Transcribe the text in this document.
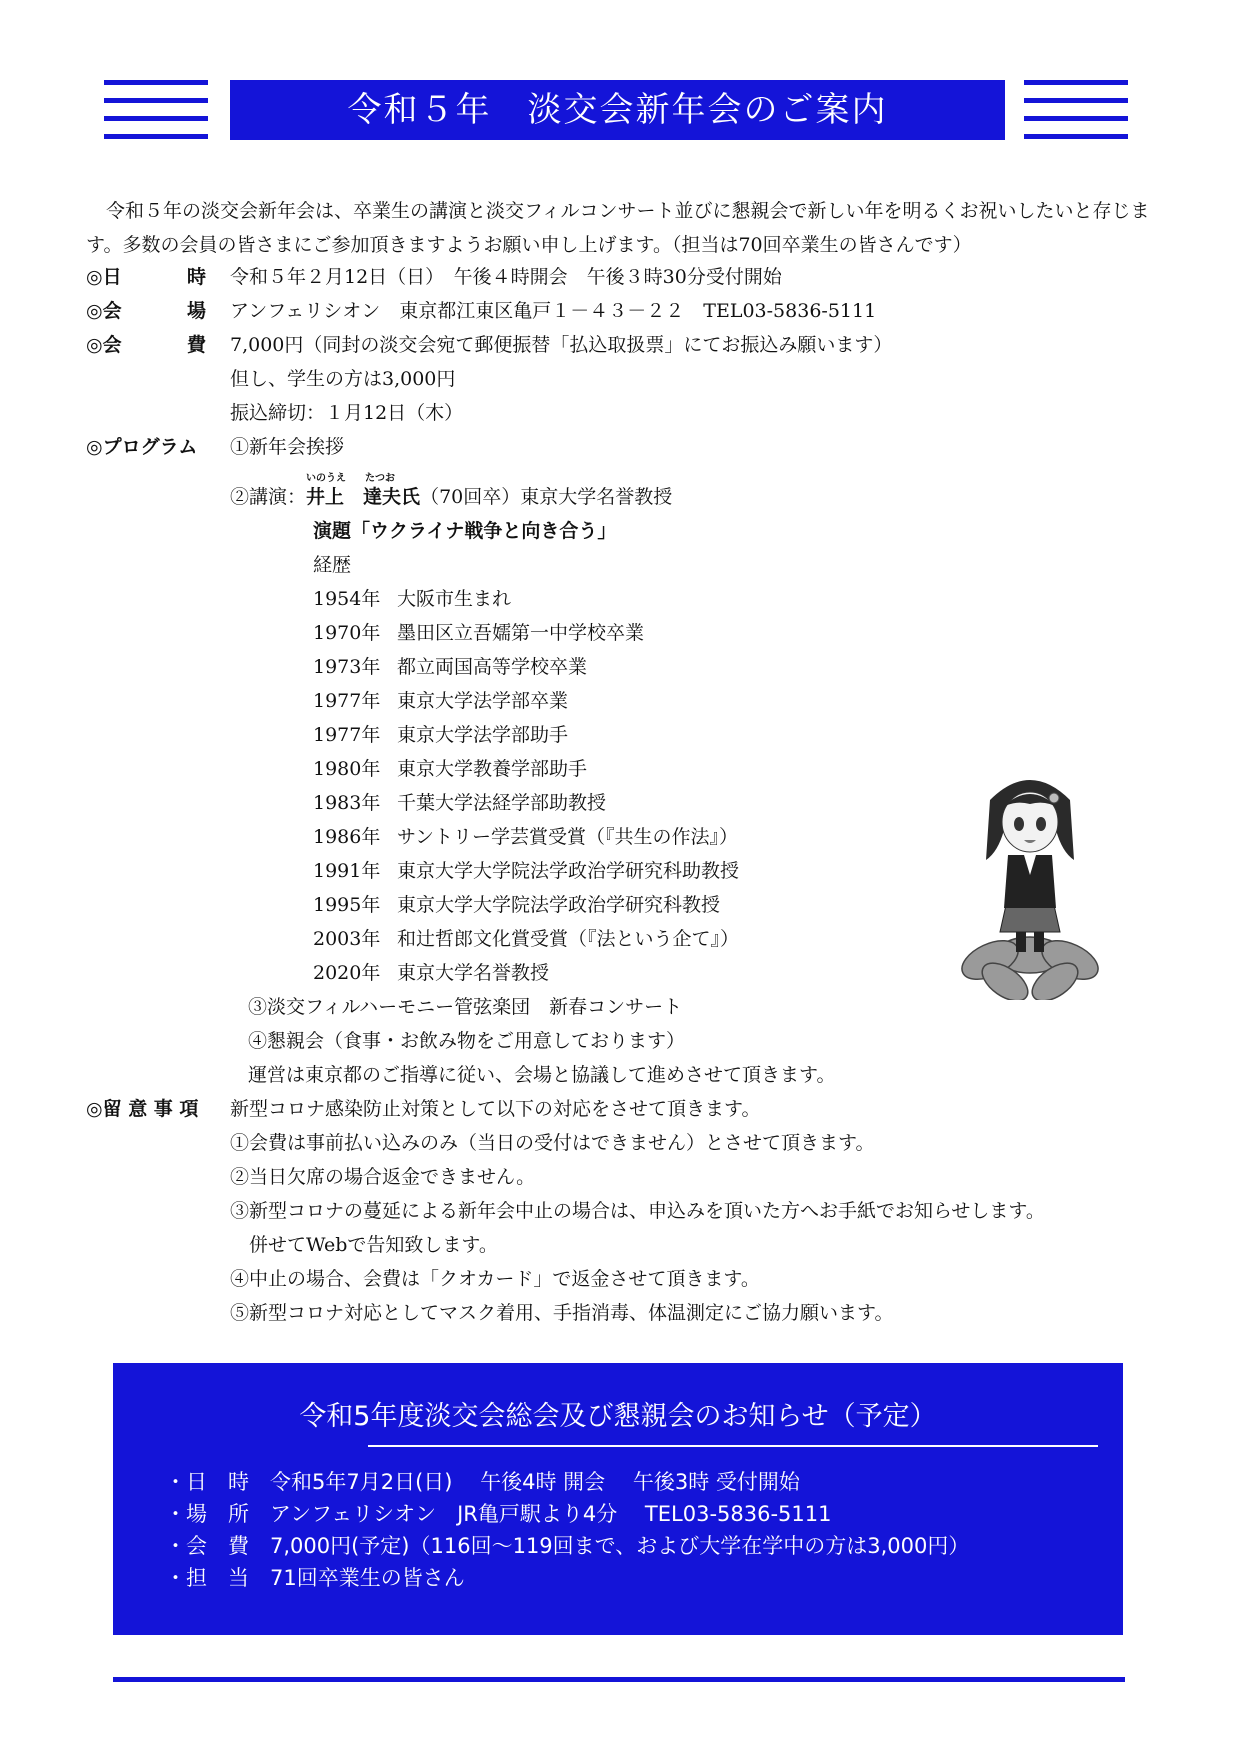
令和５年　淡交会新年会のご案内
令和５年の淡交会新年会は、卒業生の講演と淡交フィルコンサート並びに懇親会で新しい年を明るくお祝いしたいと存じます。多数の会員の皆さまにご参加頂きますようお願い申し上げます。（担当は70回卒業生の皆さんです）
◎日	時 令和５年２月12日（日）　午後４時開会　午後３時30分受付開始
◎会	場 アンフェリシオン　東京都江東区亀戸１－４３－２２　TEL03-5836-5111
◎会	費 7,000円（同封の淡交会宛て郵便振替「払込取扱票」にてお振込み願います）
但し、学生の方は3,000円
振込締切：１月12日（木）
◎プログラム ①新年会挨拶
②講演：
いのうえ
井上　
たつお
達夫氏（70回卒）東京大学名誉教授
演題「ウクライナ戦争と向き合う」
経歴
1954年 大阪市生まれ
1970年 墨田区立吾嬬第一中学校卒業
1973年 都立両国高等学校卒業
1977年 東京大学法学部卒業
1977年 東京大学法学部助手
1980年 東京大学教養学部助手
1983年 千葉大学法経学部助教授
1986年 サントリー学芸賞受賞（『共生の作法』）
1991年 東京大学大学院法学政治学研究科助教授
1995年 東京大学大学院法学政治学研究科教授
2003年 和辻哲郎文化賞受賞（『法という企て』）
2020年 東京大学名誉教授
③淡交フィルハーモニー管弦楽団　新春コンサート
④懇親会（食事・お飲み物をご用意しております）
運営は東京都のご指導に従い、会場と協議して進めさせて頂きます。
◎留 意 事 項 新型コロナ感染防止対策として以下の対応をさせて頂きます。
①会費は事前払い込みのみ（当日の受付はできません）とさせて頂きます。
②当日欠席の場合返金できません。
③新型コロナの蔓延による新年会中止の場合は、申込みを頂いた方へお手紙でお知らせします。
　併せてWebで告知致します。
④中止の場合、会費は「クオカード」で返金させて頂きます。
⑤新型コロナ対応としてマスク着用、手指消毒、体温測定にご協力願います。
令和5年度淡交会総会及び懇親会のお知らせ（予定）
・日　時　令和5年7月2日(日)　 午後4時 開会　 午後3時 受付開始
・場　所　アンフェリシオン　JR亀戸駅より4分　 TEL03-5836-5111
・会　費　7,000円(予定)（116回～119回まで、および大学在学中の方は3,000円）
・担　当　71回卒業生の皆さん
